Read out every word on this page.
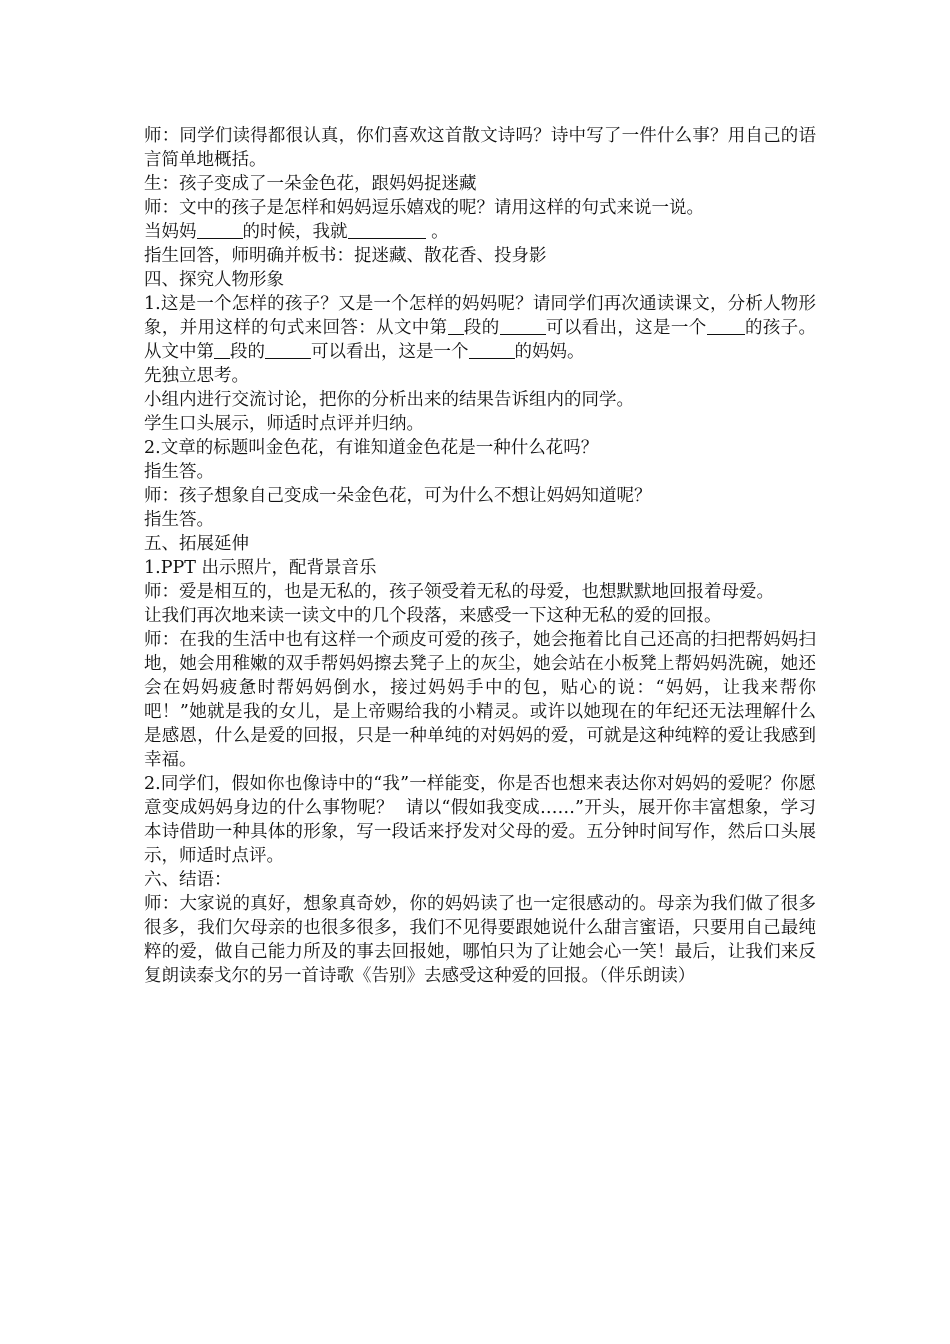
师：同学们读得都很认真，你们喜欢这首散文诗吗？诗中写了一件什么事？用自己的语言简单地概括。

生：孩子变成了一朵金色花，跟妈妈捉迷藏

师：文中的孩子是怎样和妈妈逗乐嬉戏的呢？请用这样的句式来说一说。

当妈妈	的时候，我就	。

指生回答，师明确并板书：捉迷藏、散花香、投身影

四、探究人物形象

1.这是一个怎样的孩子？又是一个怎样的妈妈呢？请同学们再次通读课文，分析人物形象，并用这样的句式来回答：从文中第 段的	可以看出，这是一个 的孩子。从文中第 段的	可以看出，这是一个	的妈妈。

先独立思考。

小组内进行交流讨论，把你的分析出来的结果告诉组内的同学。

学生口头展示，师适时点评并归纳。

2.文章的标题叫金色花，有谁知道金色花是一种什么花吗？

指生答。

师：孩子想象自己变成一朵金色花，可为什么不想让妈妈知道呢？

指生答。

五、拓展延伸

1.PPT 出示照片，配背景音乐

师：爱是相互的，也是无私的，孩子领受着无私的母爱，也想默默地回报着母爱。

让我们再次地来读一读文中的几个段落，来感受一下这种无私的爱的回报。

师：在我的生活中也有这样一个顽皮可爱的孩子，她会拖着比自己还高的扫把帮妈妈扫地，她会用稚嫩的双手帮妈妈擦去凳子上的灰尘，她会站在小板凳上帮妈妈洗碗，她还会在妈妈疲惫时帮妈妈倒水，接过妈妈手中的包，贴心的说：“妈妈，让我来帮你吧！”她就是我的女儿，是上帝赐给我的小精灵。或许以她现在的年纪还无法理解什么是感恩，什么是爱的回报，只是一种单纯的对妈妈的爱，可就是这种纯粹的爱让我感到幸福。

2.同学们，假如你也像诗中的“我”一样能变，你是否也想来表达你对妈妈的爱呢？你愿意变成妈妈身边的什么事物呢？  请以“假如我变成……”开头，展开你丰富想象，学习本诗借助一种具体的形象，写一段话来抒发对父母的爱。五分钟时间写作，然后口头展示，师适时点评。

六、结语：

师：大家说的真好，想象真奇妙，你的妈妈读了也一定很感动的。母亲为我们做了很多很多，我们欠母亲的也很多很多，我们不见得要跟她说什么甜言蜜语，只要用自己最纯粹的爱，做自己能力所及的事去回报她，哪怕只为了让她会心一笑！最后，让我们来反复朗读泰戈尔的另一首诗歌《告别》去感受这种爱的回报。（伴乐朗读）
